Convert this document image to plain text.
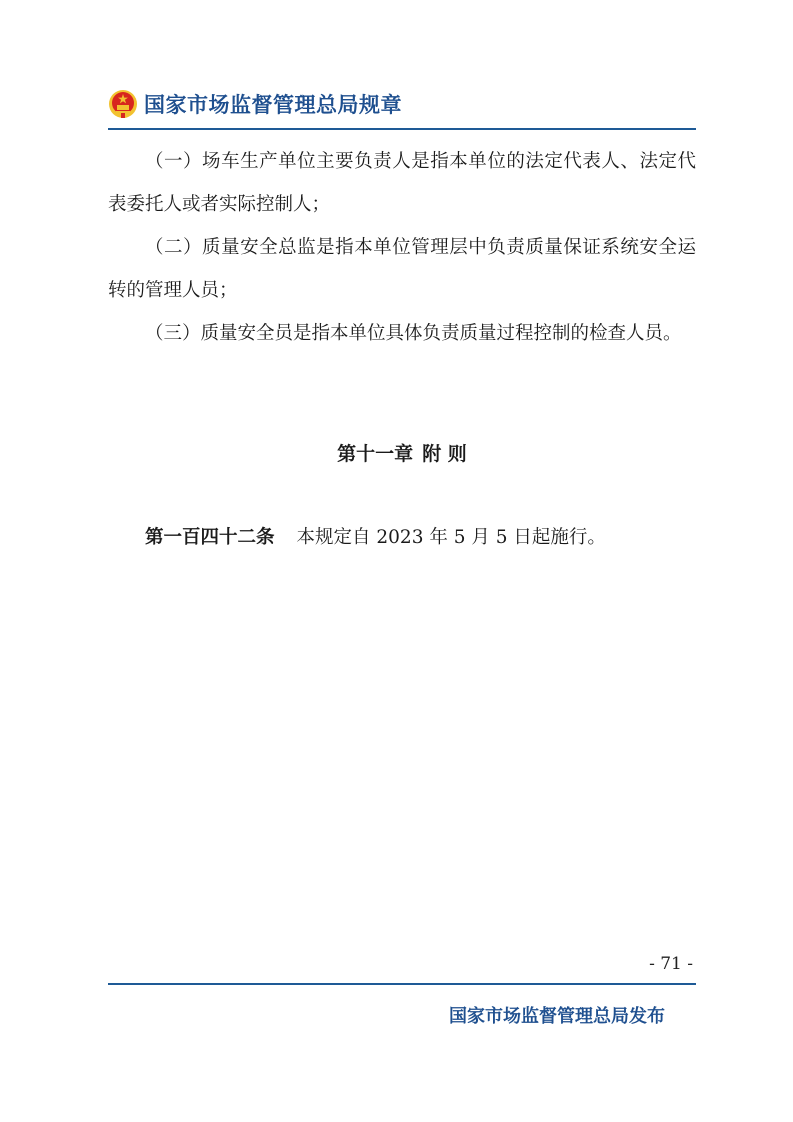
国家市场监督管理总局规章

（一）场车生产单位主要负责人是指本单位的法定代表人、法定代表委托人或者实际控制人；

（二）质量安全总监是指本单位管理层中负责质量保证系统安全运转的管理人员；

（三）质量安全员是指本单位具体负责质量过程控制的检查人员。

第十一章 附 则
第一百四十二条 本规定自 2023 年 5 月 5 日起施行。
- 71 -
国家市场监督管理总局发布
